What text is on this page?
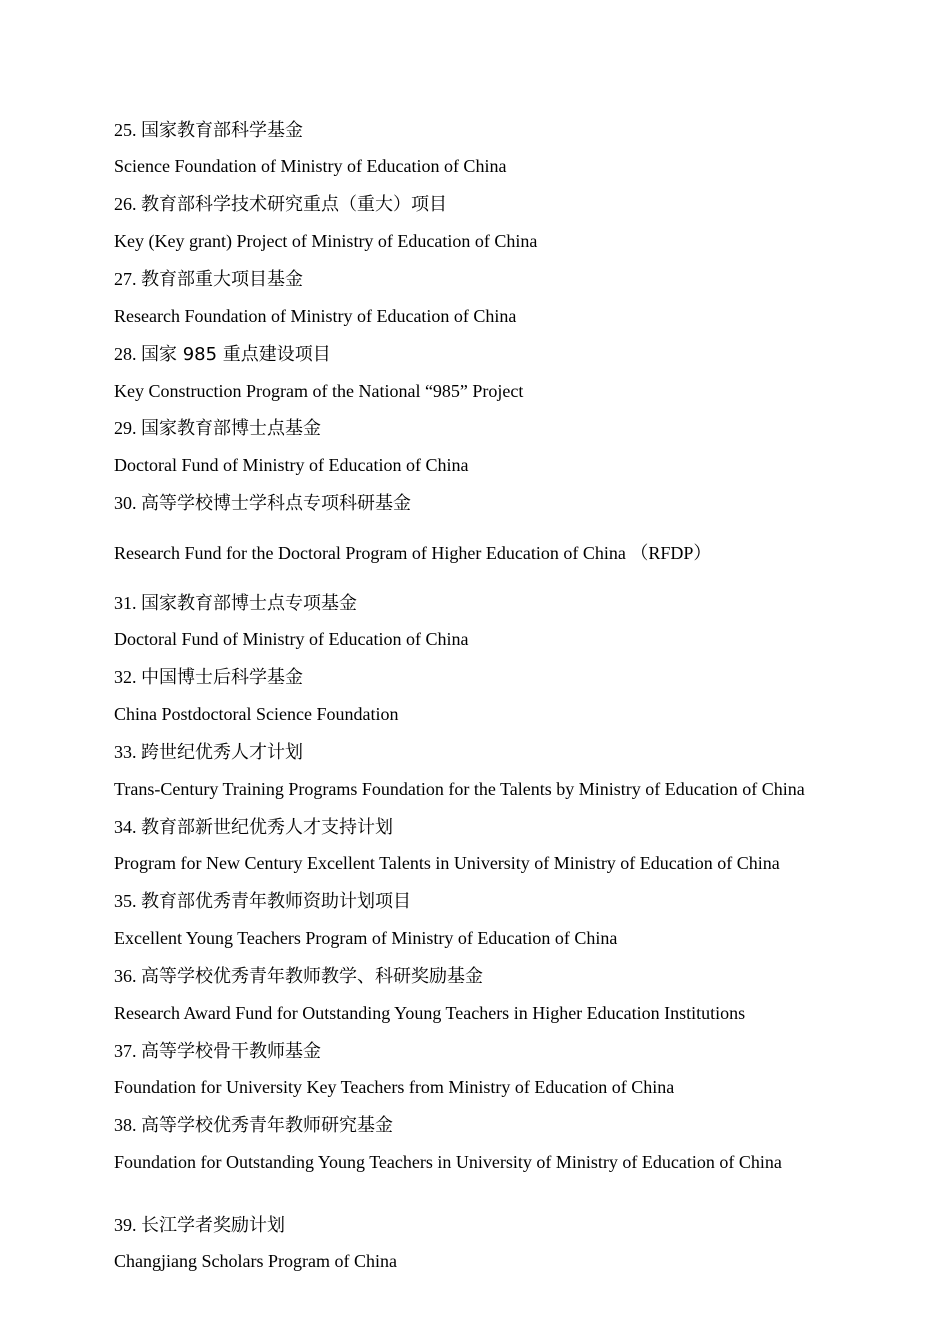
25. 国家教育部科学基金
Science Foundation of Ministry of Education of China
26. 教育部科学技术研究重点（重大）项目
Key (Key grant) Project of Ministry of Education of China
27. 教育部重大项目基金
Research Foundation of Ministry of Education of China
28. 国家 985 重点建设项目
Key Construction Program of the National “985” Project
29. 国家教育部博士点基金
Doctoral Fund of Ministry of Education of China
30. 高等学校博士学科点专项科研基金
Research Fund for the Doctoral Program of Higher Education of China （RFDP）
31. 国家教育部博士点专项基金
Doctoral Fund of Ministry of Education of China
32. 中国博士后科学基金
China Postdoctoral Science Foundation
33. 跨世纪优秀人才计划
Trans-Century Training Programs Foundation for the Talents by Ministry of Education of China
34. 教育部新世纪优秀人才支持计划
Program for New Century Excellent Talents in University of Ministry of Education of China
35. 教育部优秀青年教师资助计划项目
Excellent Young Teachers Program of Ministry of Education of China
36. 高等学校优秀青年教师教学、科研奖励基金
Research Award Fund for Outstanding Young Teachers in Higher Education Institutions
37. 高等学校骨干教师基金
Foundation for University Key Teachers from Ministry of Education of China
38. 高等学校优秀青年教师研究基金
Foundation for Outstanding Young Teachers in University of Ministry of Education of China
39. 长江学者奖励计划
Changjiang Scholars Program of China
